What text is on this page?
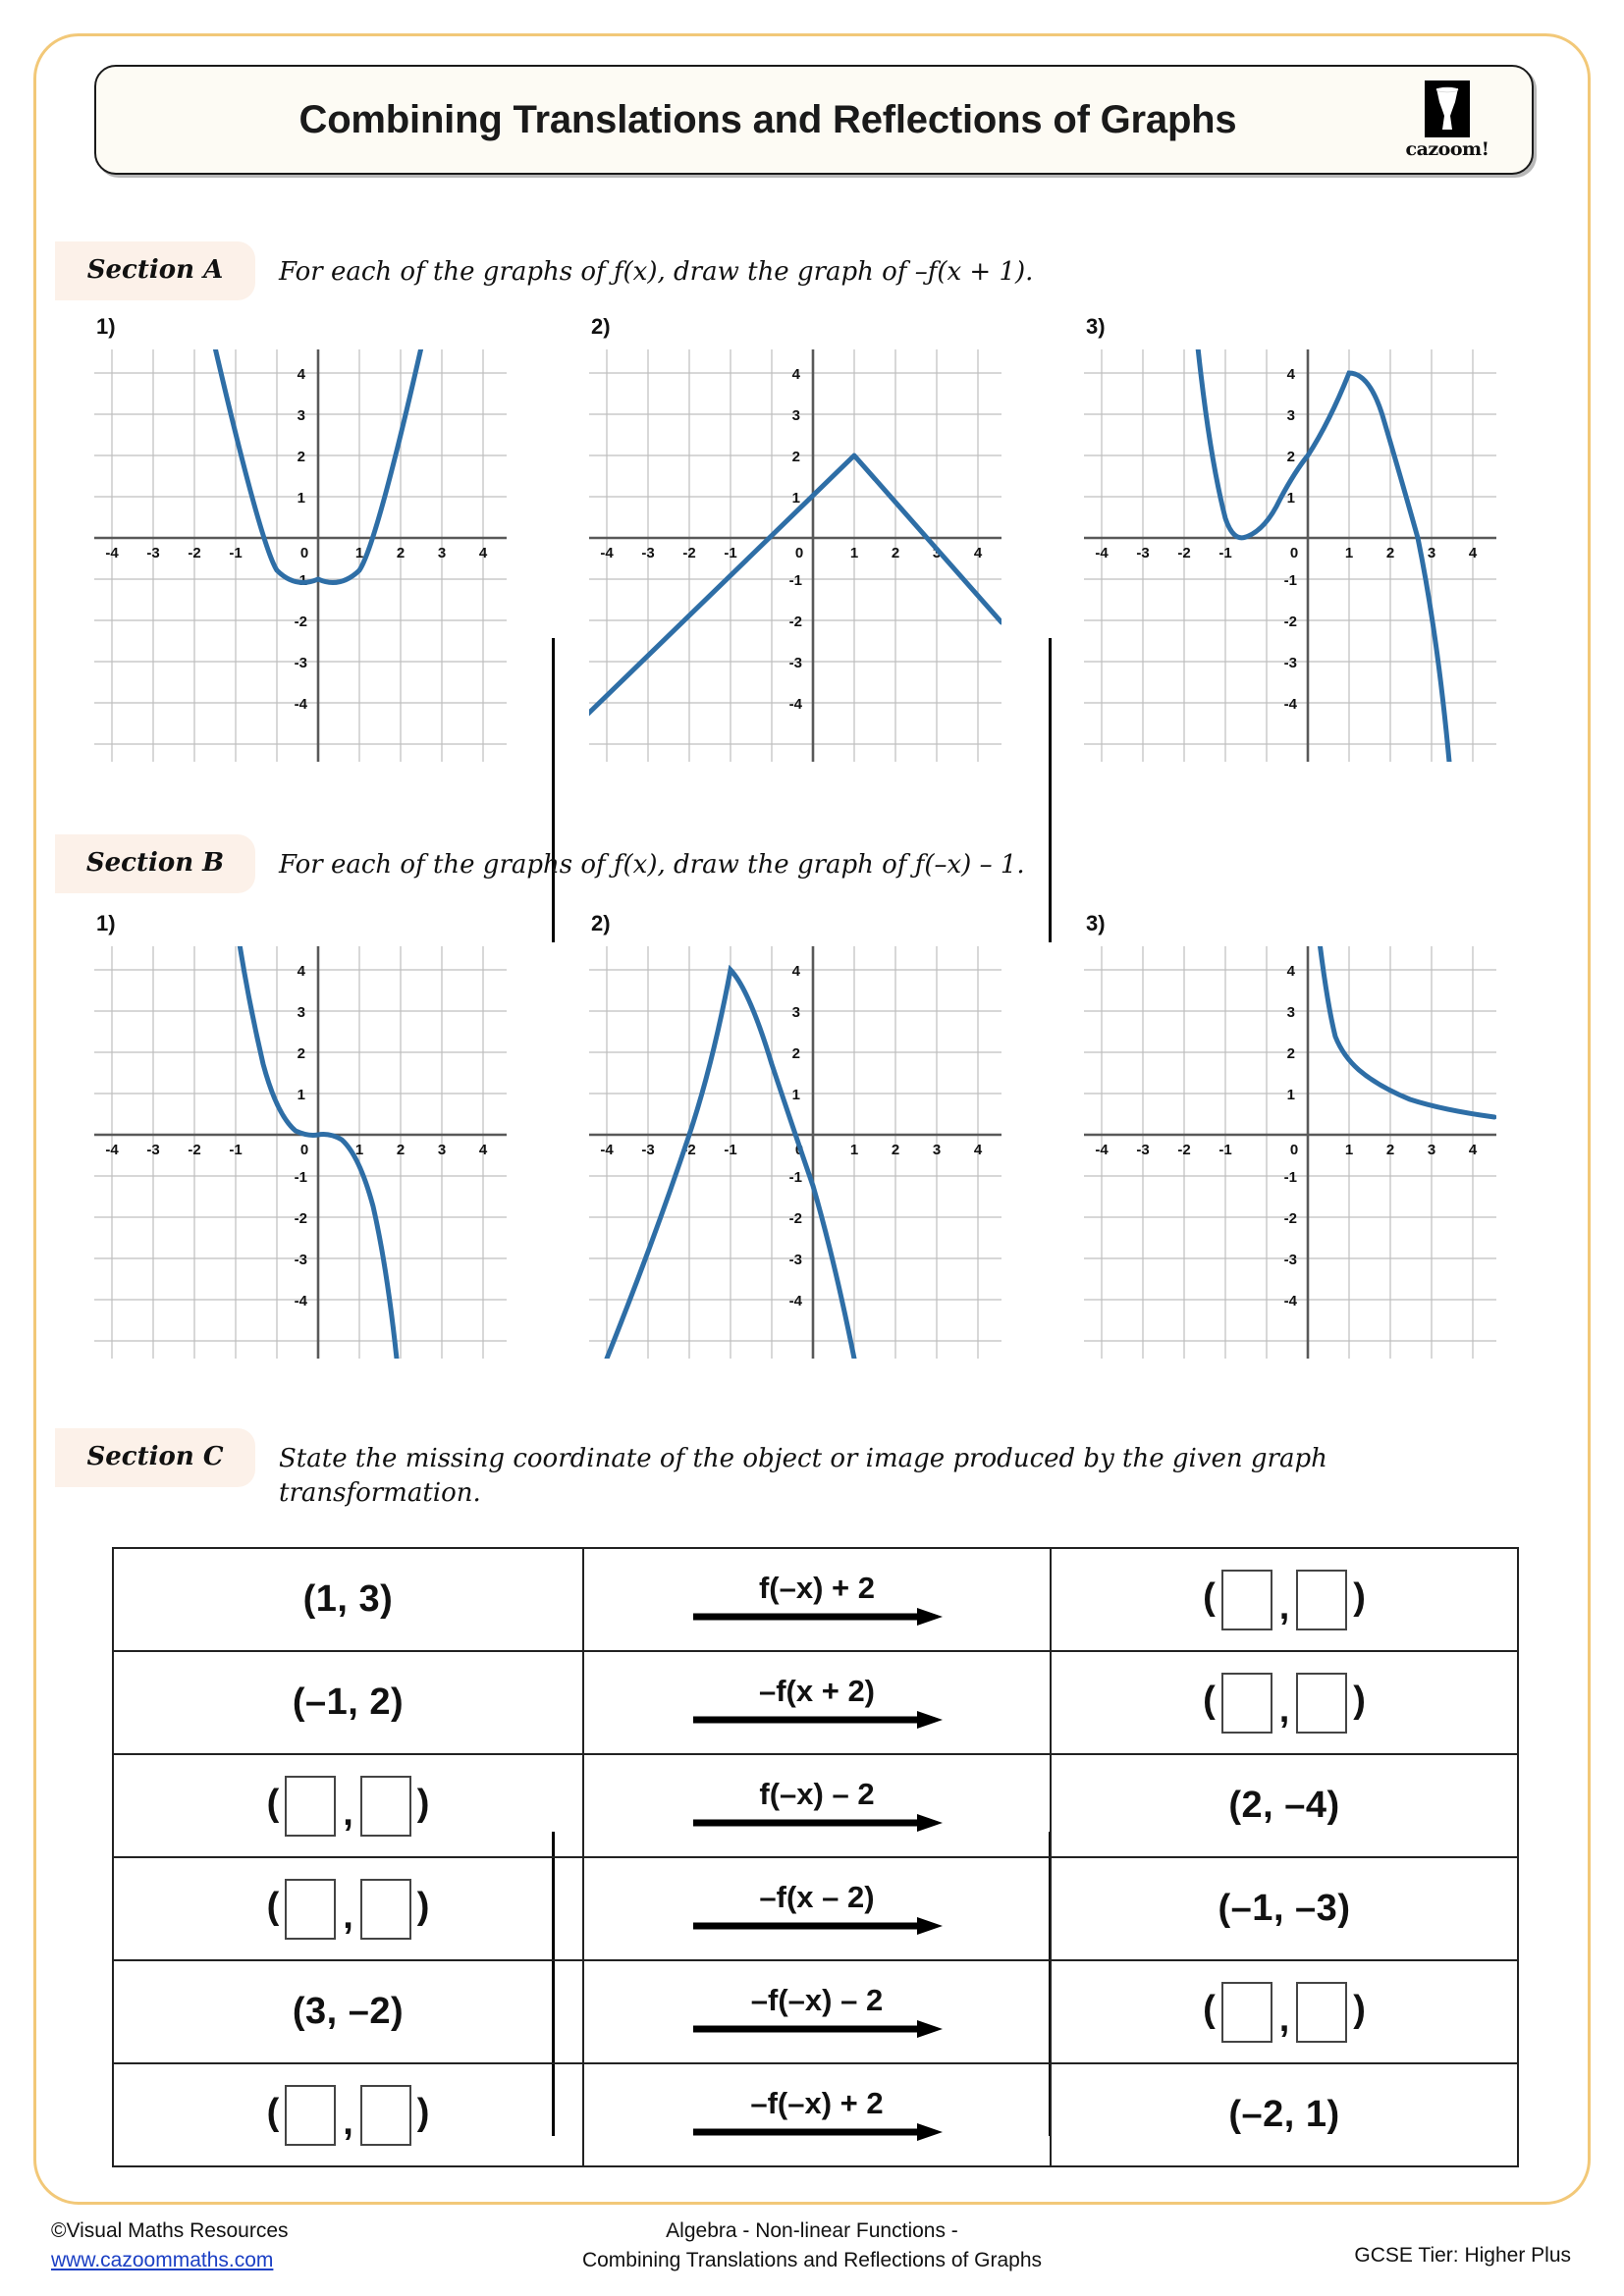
Combining Translations and Reflections of Graphs
cazoom!
Section A	For each of the graphs of ƒ(x), draw the graph of –ƒ(x + 1).
1)
-4 -3 -2 -1	0	1 2 3 4
4
3
2
1
-1
-2
-3
-4
2)
-4 -3 -2 -1	0	1 2 3 4
4
3
2
1
-1
-2
-3
-4
3)
-4 -3 -2 -1	0	1 2 3 4
4
3
2
1
-1
-2
-3
-4
Section B	For each of the graphs of ƒ(x), draw the graph of ƒ(–x) – 1.
1)
-4 -3 -2 -1	0	1 2 3 4
4
3
2
1
-1
-2
-3
-4
2)
-4 -3 -2 -1	0	1 2 3 4
4
3
2
1
-1
-2
-3
-4
3)
-4 -3 -2 -1	0	1 2 3 4
4
3
2
1
-1
-2
-3
-4
Section C	State the missing coordinate of the object or image produced by the given graph transformation.
(1, 3)	f(–x) + 2	( , )

(–1, 2)	–f(x + 2)	( , )

( , )	f(–x) – 2	(2, –4)

( , )	–f(x – 2)	(–1, –3)
(3, –2)	–f(–x) – 2	( , )

( , )	–f(–x) + 2	(–2, 1)
©Visual Maths Resources
www.cazoommaths.com
Algebra - Non-linear Functions -
Combining Translations and Reflections of Graphs	GCSE Tier: Higher Plus
